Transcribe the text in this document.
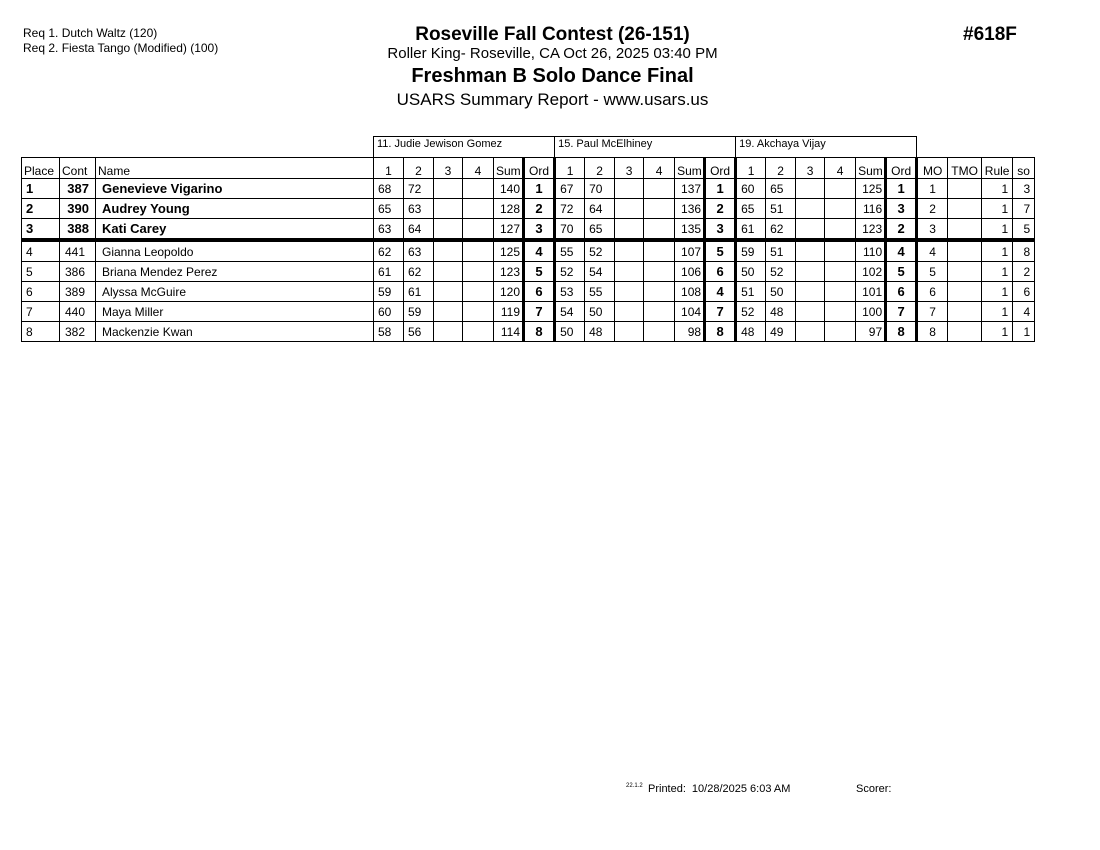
Req 1. Dutch Waltz (120)
Req 2. Fiesta Tango (Modified) (100)
Roseville Fall Contest (26-151)
Roller King- Roseville, CA Oct 26, 2025 03:40 PM
Freshman B Solo Dance Final
USARS Summary Report - www.usars.us
#618F
			11. Judie Jewison Gomez						15. Paul McElhiney						19. Akchaya Vijay									
Place	Cont	Name	1	2	3	4	Sum	Ord	1	2	3	4	Sum	Ord	1	2	3	4	Sum	Ord	MO	TMO	Rule	so
1	387	Genevieve Vigarino	68	72			140	1	67	70			137	1	60	65			125	1	1		1	3
2	390	Audrey Young	65	63			128	2	72	64			136	2	65	51			116	3	2		1	7
3	388	Kati Carey	63	64			127	3	70	65			135	3	61	62			123	2	3		1	5
4	441	Gianna Leopoldo	62	63			125	4	55	52			107	5	59	51			110	4	4		1	8
5	386	Briana Mendez Perez	61	62			123	5	52	54			106	6	50	52			102	5	5		1	2
6	389	Alyssa McGuire	59	61			120	6	53	55			108	4	51	50			101	6	6		1	6
7	440	Maya Miller	60	59			119	7	54	50			104	7	52	48			100	7	7		1	4
8	382	Mackenzie Kwan	58	56			114	8	50	48			98	8	48	49			97	8	8		1	1
22.1.2 Printed: 10/28/2025 6:03 AM	Scorer:
